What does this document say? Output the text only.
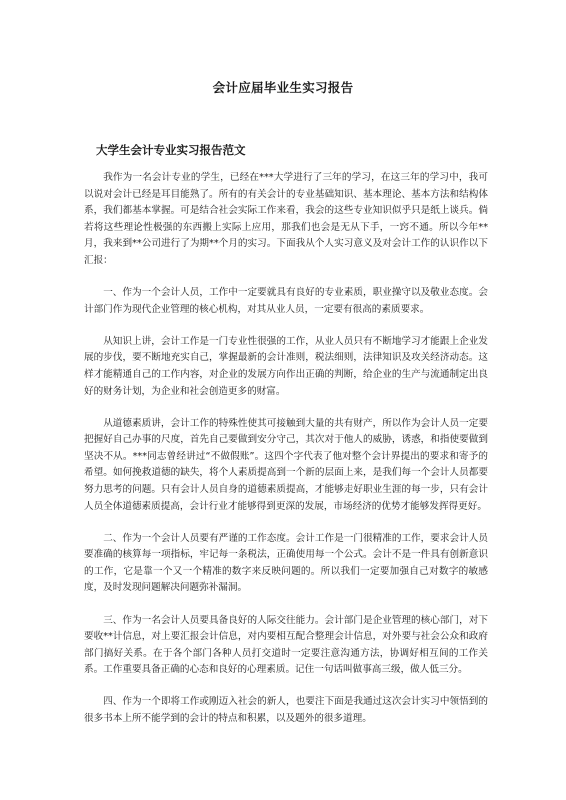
会计应届毕业生实习报告
大学生会计专业实习报告范文

我作为一名会计专业的学生，已经在***大学进行了三年的学习，在这三年的学习中，我可以说对会计已经是耳目能熟了。所有的有关会计的专业基础知识、基本理论、基本方法和结构体系，我们都基本掌握。可是结合社会实际工作来看，我会的这些专业知识似乎只是纸上谈兵。倘若将这些理论性极强的东西搬上实际上应用，那我们也会是无从下手，一窍不通。所以今年**月，我来到**公司进行了为期**个月的实习。下面我从个人实习意义及对会计工作的认识作以下汇报：

一、作为一个会计人员，工作中一定要就具有良好的专业素质，职业操守以及敬业态度。会计部门作为现代企业管理的核心机构，对其从业人员，一定要有很高的素质要求。

从知识上讲，会计工作是一门专业性很强的工作，从业人员只有不断地学习才能跟上企业发展的步伐，要不断地充实自己，掌握最新的会计准则，税法细则，法律知识及攻关经济动态。这样才能精通自己的工作内容，对企业的发展方向作出正确的判断，给企业的生产与流通制定出良好的财务计划，为企业和社会创造更多的财富。

从道德素质讲，会计工作的特殊性使其可接触到大量的共有财产，所以作为会计人员一定要把握好自己办事的尺度，首先自己要做到安分守己，其次对于他人的威胁，诱惑，和指使要做到坚决不从。***同志曾经讲过“不做假账”。这四个字代表了他对整个会计界提出的要求和寄予的希望。如何挽救道德的缺失，将个人素质提高到一个新的层面上来，是我们每一个会计人员都要努力思考的问题。只有会计人员自身的道德素质提高，才能够走好职业生涯的每一步，只有会计人员全体道德素质提高，会计行业才能够得到更深的发展，市场经济的优势才能够发挥得更好。

二、作为一个会计人员要有严谨的工作态度。会计工作是一门很精准的工作，要求会计人员要准确的核算每一项指标，牢记每一条税法，正确使用每一个公式。会计不是一件具有创新意识的工作，它是靠一个又一个精准的数字来反映问题的。所以我们一定要加强自己对数字的敏感度，及时发现问题解决问题弥补漏洞。

三、作为一名会计人员要具备良好的人际交往能力。会计部门是企业管理的核心部门，对下要收**计信息，对上要汇报会计信息，对内要相互配合整理会计信息，对外要与社会公众和政府部门搞好关系。在于各个部门各种人员打交道时一定要注意沟通方法，协调好相互间的工作关系。工作重要具备正确的心态和良好的心理素质。记住一句话叫做事高三级，做人低三分。

四、作为一个即将工作或刚迈入社会的新人，也要注下面是我通过这次会计实习中领悟到的很多书本上所不能学到的会计的特点和积累，以及题外的很多道理。
